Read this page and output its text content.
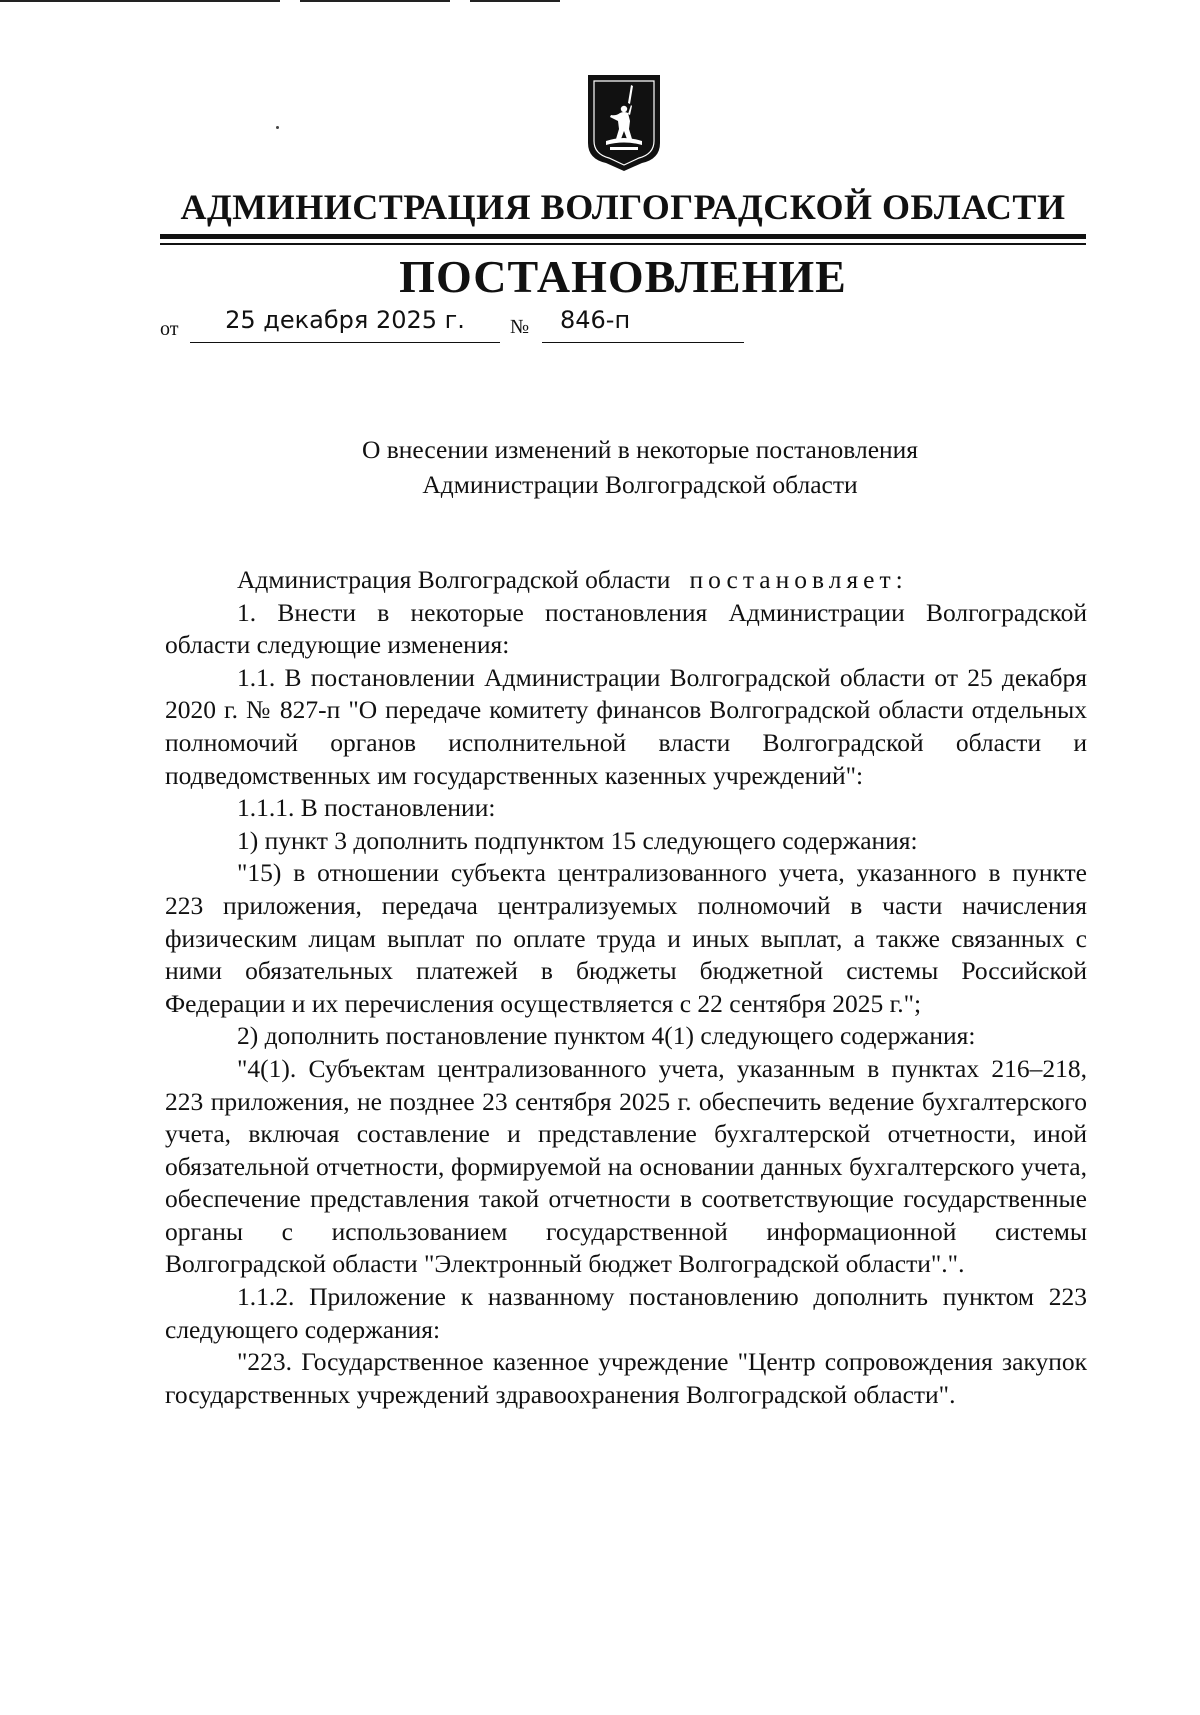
АДМИНИСТРАЦИЯ ВОЛГОГРАДСКОЙ ОБЛАСТИ
ПОСТАНОВЛЕНИЕ
от	25 декабря 2025 г.	№ 846-п
О внесении изменений в некоторые постановления
Администрации Волгоградской области

Администрация Волгоградской области постановляет:

1. Внести в некоторые постановления Администрации Волгоградской области следующие изменения:

1.1. В постановлении Администрации Волгоградской области от 25 декабря 2020 г. № 827-п "О передаче комитету финансов Волгоградской области отдельных полномочий органов исполнительной власти Волгоградской области и подведомственных им государственных казенных учреждений":

1.1.1. В постановлении:

1) пункт 3 дополнить подпунктом 15 следующего содержания:

"15) в отношении субъекта централизованного учета, указанного в пункте 223 приложения, передача централизуемых полномочий в части начисления физическим лицам выплат по оплате труда и иных выплат, а также связанных с ними обязательных платежей в бюджеты бюджетной системы Российской Федерации и их перечисления осуществляется с 22 сентября 2025 г.";

2) дополнить постановление пунктом 4(1) следующего содержания:

"4(1). Субъектам централизованного учета, указанным в пунктах 216–218, 223 приложения, не позднее 23 сентября 2025 г. обеспечить ведение бухгалтерского учета, включая составление и представление бухгалтерской отчетности, иной обязательной отчетности, формируемой на основании данных бухгалтерского учета, обеспечение представления такой отчетности в соответствующие государственные органы с использованием государственной информационной системы Волгоградской области "Электронный бюджет Волгоградской области".".

1.1.2. Приложение к названному постановлению дополнить пунктом 223 следующего содержания:

"223. Государственное казенное учреждение "Центр сопровождения закупок государственных учреждений здравоохранения Волгоградской области".
